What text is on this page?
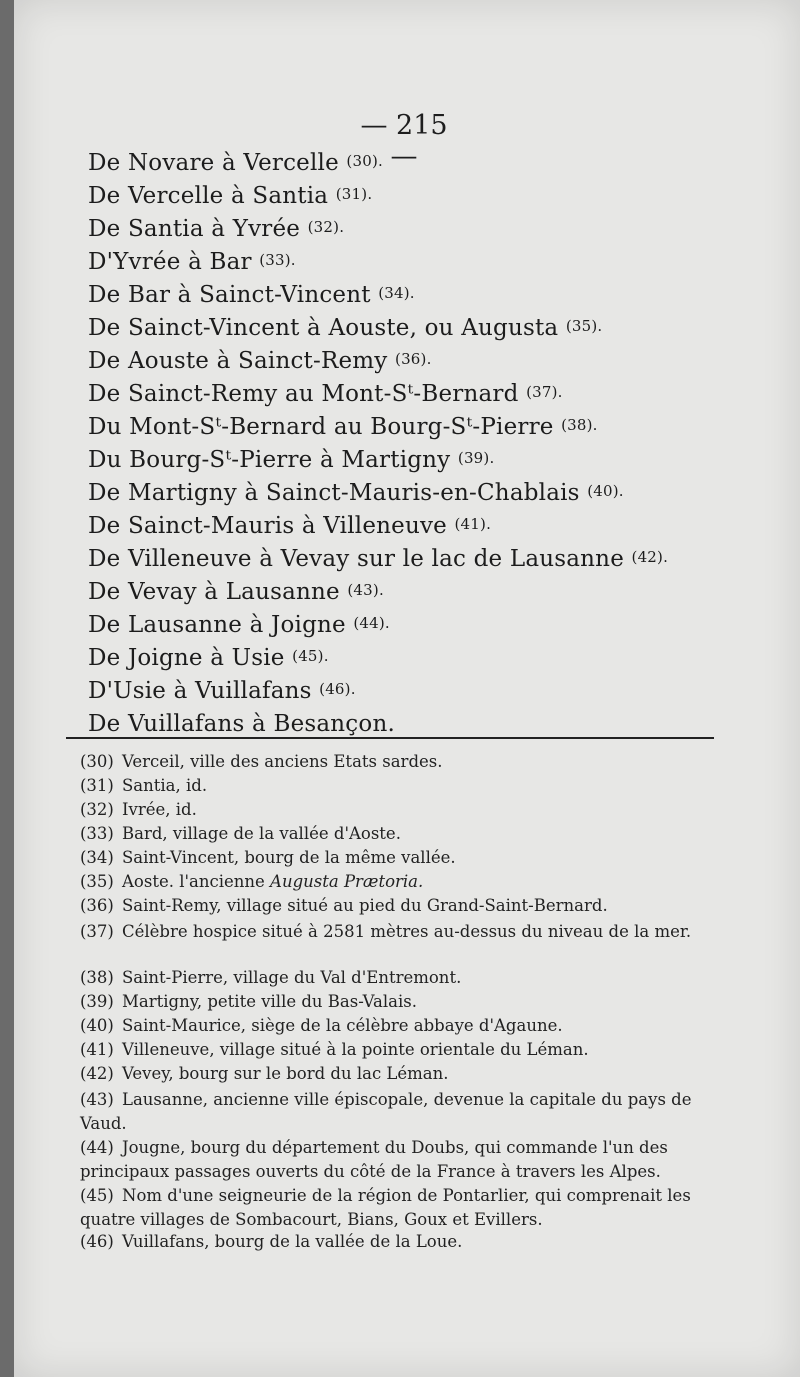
— 215 —
De Novare à Vercelle $^{(30).}$
De Vercelle à Santia $^{(31).}$
De Santia à Yvrée $^{(32).}$
D'Yvrée à Bar $^{(33).}$
De Bar à Sainct-Vincent $^{(34).}$
De Sainct-Vincent à Aouste, ou Augusta $^{(35).}$
De Aouste à Sainct-Remy $^{(36).}$
De Sainct-Remy au Mont-Sᵗ-Bernard $^{(37).}$
Du Mont-Sᵗ-Bernard au Bourg-Sᵗ-Pierre $^{(38).}$
Du Bourg-Sᵗ-Pierre à Martigny $^{(39).}$
De Martigny à Sainct-Mauris-en-Chablais $^{(40).}$
De Sainct-Mauris à Villeneuve $^{(41).}$
De Villeneuve à Vevay sur le lac de Lausanne $^{(42).}$
De Vevay à Lausanne $^{(43).}$
De Lausanne à Joigne $^{(44).}$
De Joigne à Usie $^{(45).}$
D'Usie à Vuillafans $^{(46).}$
De Vuillafans à Besançon.
(30) Verceil, ville des anciens Etats sardes.
(31) Santia, id.
(32) Ivrée, id.
(33) Bard, village de la vallée d'Aoste.
(34) Saint-Vincent, bourg de la même vallée.
(35) Aoste. l'ancienne Augusta Prætoria.
(36) Saint-Remy, village situé au pied du Grand-Saint-Bernard.
(37) Célèbre hospice situé à 2581 mètres au-dessus du niveau de la mer.
(38) Saint-Pierre, village du Val d'Entremont.
(39) Martigny, petite ville du Bas-Valais.
(40) Saint-Maurice, siège de la célèbre abbaye d'Agaune.
(41) Villeneuve, village situé à la pointe orientale du Léman.
(42) Vevey, bourg sur le bord du lac Léman.
(43) Lausanne, ancienne ville épiscopale, devenue la capitale du pays de Vaud.
(44) Jougne, bourg du département du Doubs, qui commande l'un des principaux passages ouverts du côté de la France à travers les Alpes.
(45) Nom d'une seigneurie de la région de Pontarlier, qui comprenait les quatre villages de Sombacourt, Bians, Goux et Evillers.
(46) Vuillafans, bourg de la vallée de la Loue.
